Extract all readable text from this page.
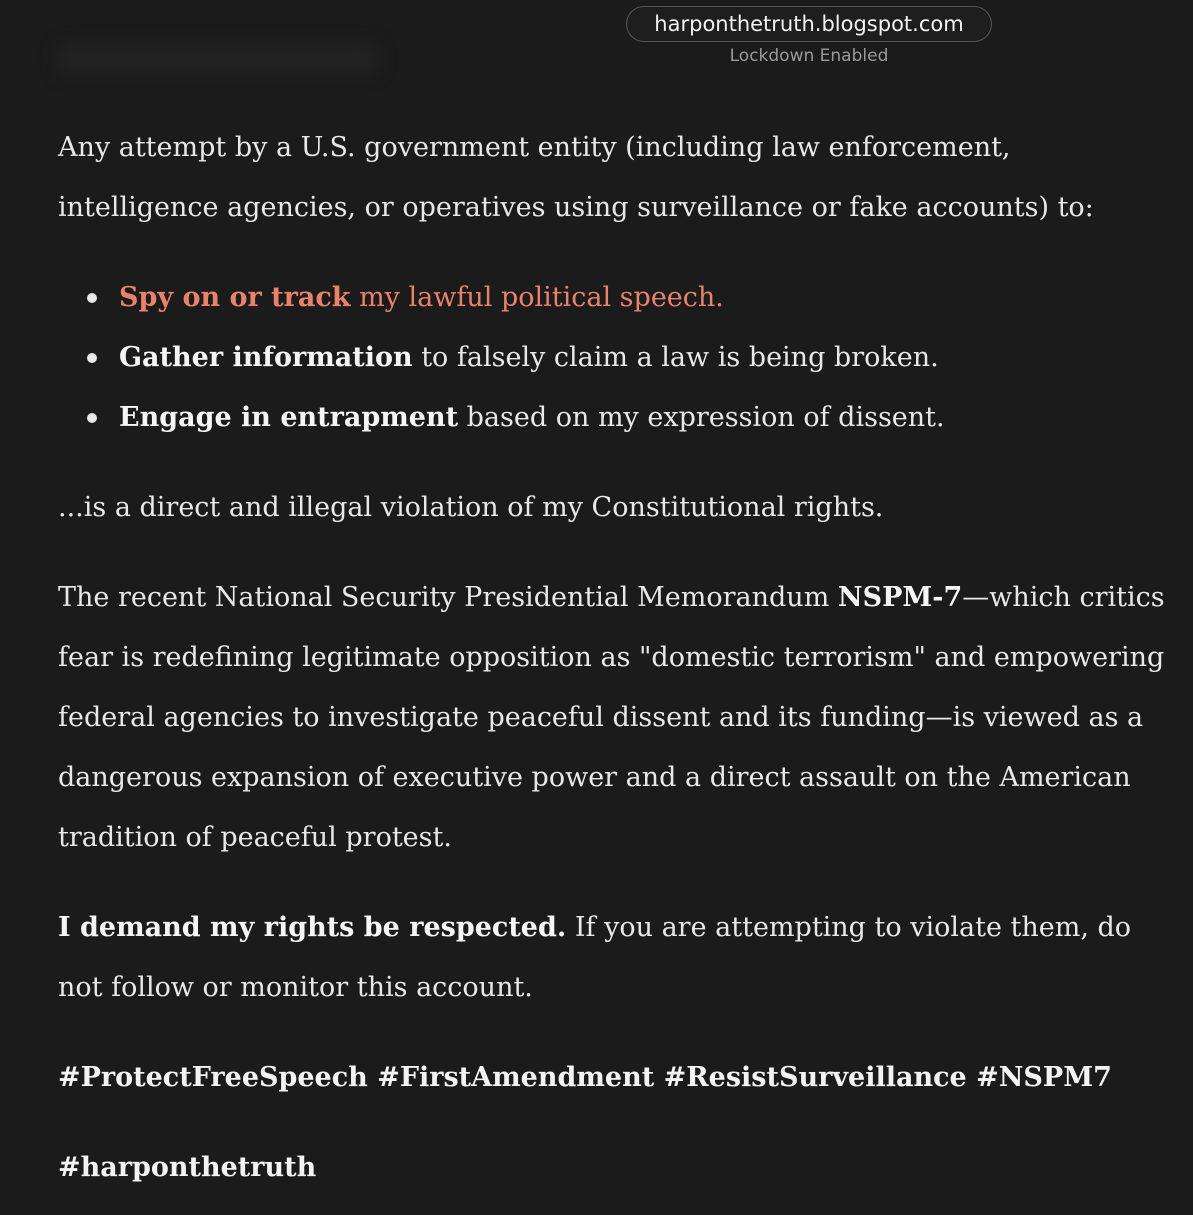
harponthetruth.blogspot.com
Lockdown Enabled

Any attempt by a U.S. government entity (including law enforcement, intelligence agencies, or operatives using surveillance or fake accounts) to:

Spy on or track my lawful political speech.
Gather information to falsely claim a law is being broken.
Engage in entrapment based on my expression of dissent.

...is a direct and illegal violation of my Constitutional rights.

The recent National Security Presidential Memorandum NSPM-7—which critics fear is redefining legitimate opposition as "domestic terrorism" and empowering federal agencies to investigate peaceful dissent and its funding—is viewed as a dangerous expansion of executive power and a direct assault on the American tradition of peaceful protest.

I demand my rights be respected. If you are attempting to violate them, do not follow or monitor this account.

#ProtectFreeSpeech #FirstAmendment #ResistSurveillance #NSPM7

#harponthetruth
